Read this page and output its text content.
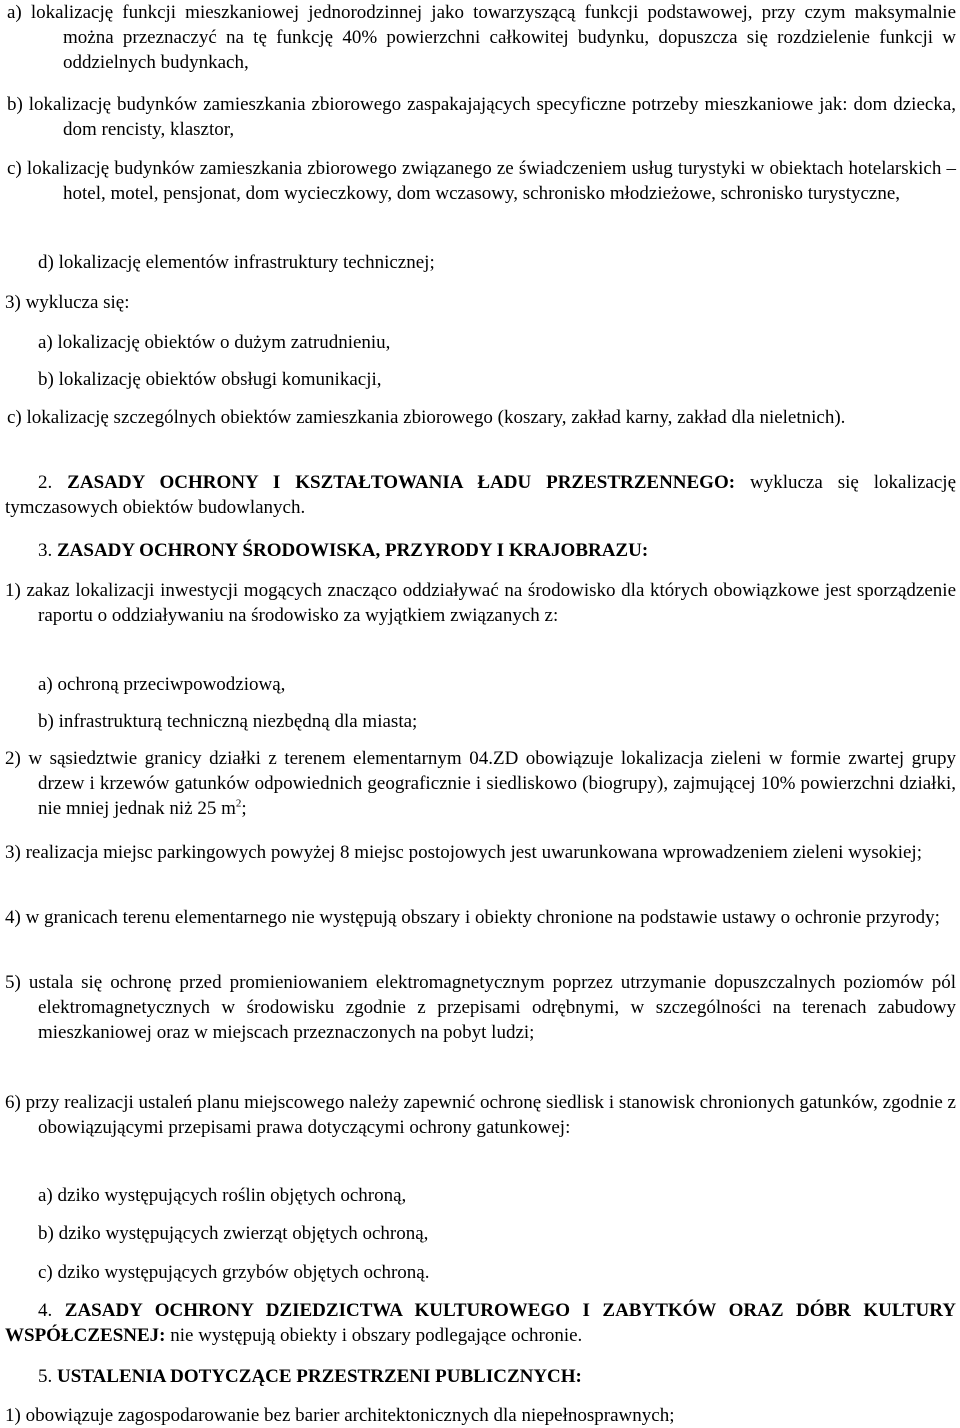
a) lokalizację funkcji mieszkaniowej jednorodzinnej jako towarzyszącą funkcji podstawowej, przy czym maksymalnie można przeznaczyć na tę funkcję 40% powierzchni całkowitej budynku, dopuszcza się rozdzielenie funkcji w oddzielnych budynkach,
b) lokalizację budynków zamieszkania zbiorowego zaspakajających specyficzne potrzeby mieszkaniowe jak: dom dziecka, dom rencisty, klasztor,
c) lokalizację budynków zamieszkania zbiorowego związanego ze świadczeniem usług turystyki w obiektach hotelarskich – hotel, motel, pensjonat, dom wycieczkowy, dom wczasowy, schronisko młodzieżowe, schronisko turystyczne,
d) lokalizację elementów infrastruktury technicznej;
3) wyklucza się:
a) lokalizację obiektów o dużym zatrudnieniu,
b) lokalizację obiektów obsługi komunikacji,
c) lokalizację szczególnych obiektów zamieszkania zbiorowego (koszary, zakład karny, zakład dla nieletnich).
2. ZASADY OCHRONY I KSZTAŁTOWANIA ŁADU PRZESTRZENNEGO: wyklucza się lokalizację tymczasowych obiektów budowlanych.
3. ZASADY OCHRONY ŚRODOWISKA, PRZYRODY I KRAJOBRAZU:
1) zakaz lokalizacji inwestycji mogących znacząco oddziaływać na środowisko dla których obowiązkowe jest sporządzenie raportu o oddziaływaniu na środowisko za wyjątkiem związanych z:
a) ochroną przeciwpowodziową,
b) infrastrukturą techniczną niezbędną dla miasta;
2) w sąsiedztwie granicy działki z terenem elementarnym 04.ZD obowiązuje lokalizacja zieleni w formie zwartej grupy drzew i krzewów gatunków odpowiednich geograficznie i siedliskowo (biogrupy), zajmującej 10% powierzchni działki, nie mniej jednak niż 25 $m^2$;
3) realizacja miejsc parkingowych powyżej 8 miejsc postojowych jest uwarunkowana wprowadzeniem zieleni wysokiej;
4) w granicach terenu elementarnego nie występują obszary i obiekty chronione na podstawie ustawy o ochronie przyrody;
5) ustala się ochronę przed promieniowaniem elektromagnetycznym poprzez utrzymanie dopuszczalnych poziomów pól elektromagnetycznych w środowisku zgodnie z przepisami odrębnymi, w szczególności na terenach zabudowy mieszkaniowej oraz w miejscach przeznaczonych na pobyt ludzi;
6) przy realizacji ustaleń planu miejscowego należy zapewnić ochronę siedlisk i stanowisk chronionych gatunków, zgodnie z obowiązującymi przepisami prawa dotyczącymi ochrony gatunkowej:
a) dziko występujących roślin objętych ochroną,
b) dziko występujących zwierząt objętych ochroną,
c) dziko występujących grzybów objętych ochroną.
4. ZASADY OCHRONY DZIEDZICTWA KULTUROWEGO I ZABYTKÓW ORAZ DÓBR KULTURY WSPÓŁCZESNEJ: nie występują obiekty i obszary podlegające ochronie.
5. USTALENIA DOTYCZĄCE PRZESTRZENI PUBLICZNYCH:
1) obowiązuje zagospodarowanie bez barier architektonicznych dla niepełnosprawnych;
